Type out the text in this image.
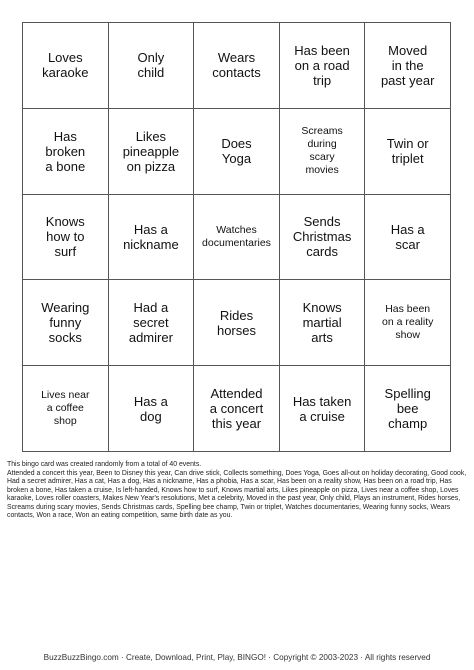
Loves
karaoke
Only
child
Wears
contacts
Has been
on a road
trip
Moved
in the
past year
Has
broken
a bone
Likes
pineapple
on pizza
Does
Yoga
Screams
during
scary
movies
Twin or
triplet
Knows
how to
surf
Has a
nickname
Watches
documentaries
Sends
Christmas
cards
Has a
scar
Wearing
funny
socks
Had a
secret
admirer
Rides
horses
Knows
martial
arts
Has been
on a reality
show
Lives near
a coffee
shop
Has a
dog
Attended
a concert
this year
Has taken
a cruise
Spelling
bee
champ

This bingo card was created randomly from a total of 40 events.

Attended a concert this year, Been to Disney this year, Can drive stick, Collects something, Does Yoga, Goes all-out on holiday decorating, Good cook, Had a secret admirer, Has a cat, Has a dog, Has a nickname, Has a phobia, Has a scar, Has been on a reality show, Has been on a road trip, Has broken a bone, Has taken a cruise, Is left-handed, Knows how to surf, Knows martial arts, Likes pineapple on pizza, Lives near a coffee shop, Loves karaoke, Loves roller coasters, Makes New Year's resolutions, Met a celebrity, Moved in the past year, Only child, Plays an instrument, Rides horses, Screams during scary movies, Sends Christmas cards, Spelling bee champ, Twin or triplet, Watches documentaries, Wearing funny socks, Wears contacts, Won a race, Won an eating competition, same birth date as you.

BuzzBuzzBingo.com · Create, Download, Print, Play, BINGO! · Copyright © 2003-2023 · All rights reserved
